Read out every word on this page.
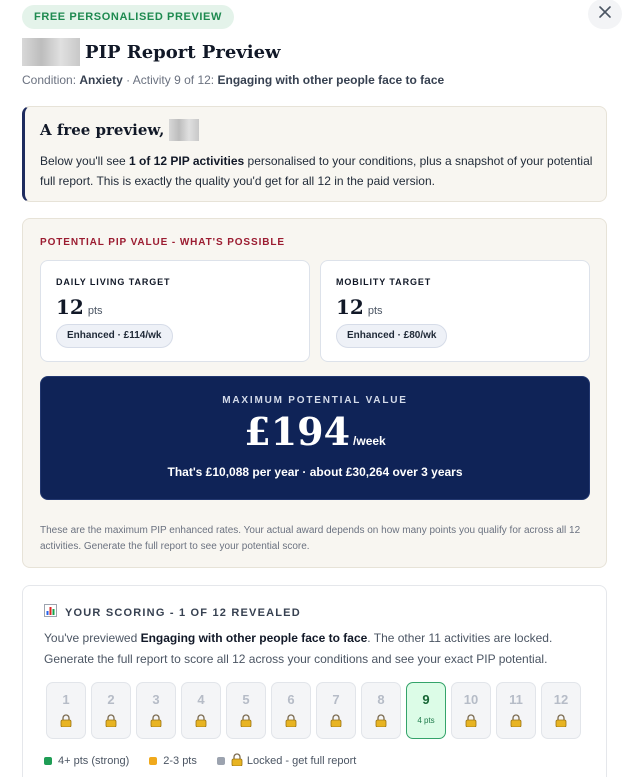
FREE PERSONALISED PREVIEW
PIP Report Preview
Condition: Anxiety · Activity 9 of 12: Engaging with other people face to face
A free preview,
Below you'll see 1 of 12 PIP activities personalised to your conditions, plus a snapshot of your potential full report. This is exactly the quality you'd get for all 12 in the paid version.
POTENTIAL PIP VALUE - WHAT'S POSSIBLE
DAILY LIVING TARGET
12 pts
Enhanced · £114/wk
MOBILITY TARGET
12 pts
Enhanced · £80/wk
MAXIMUM POTENTIAL VALUE
£194 /week
That's £10,088 per year · about £30,264 over 3 years
These are the maximum PIP enhanced rates. Your actual award depends on how many points you qualify for across all 12 activities. Generate the full report to see your potential score.
YOUR SCORING - 1 OF 12 REVEALED
You've previewed Engaging with other people face to face. The other 11 activities are locked. Generate the full report to score all 12 across your conditions and see your exact PIP potential.
1	2	3	4	5	6	7	8	9
4 pts
10	11	12
4+ pts (strong)	2-3 pts	Locked - get full report
